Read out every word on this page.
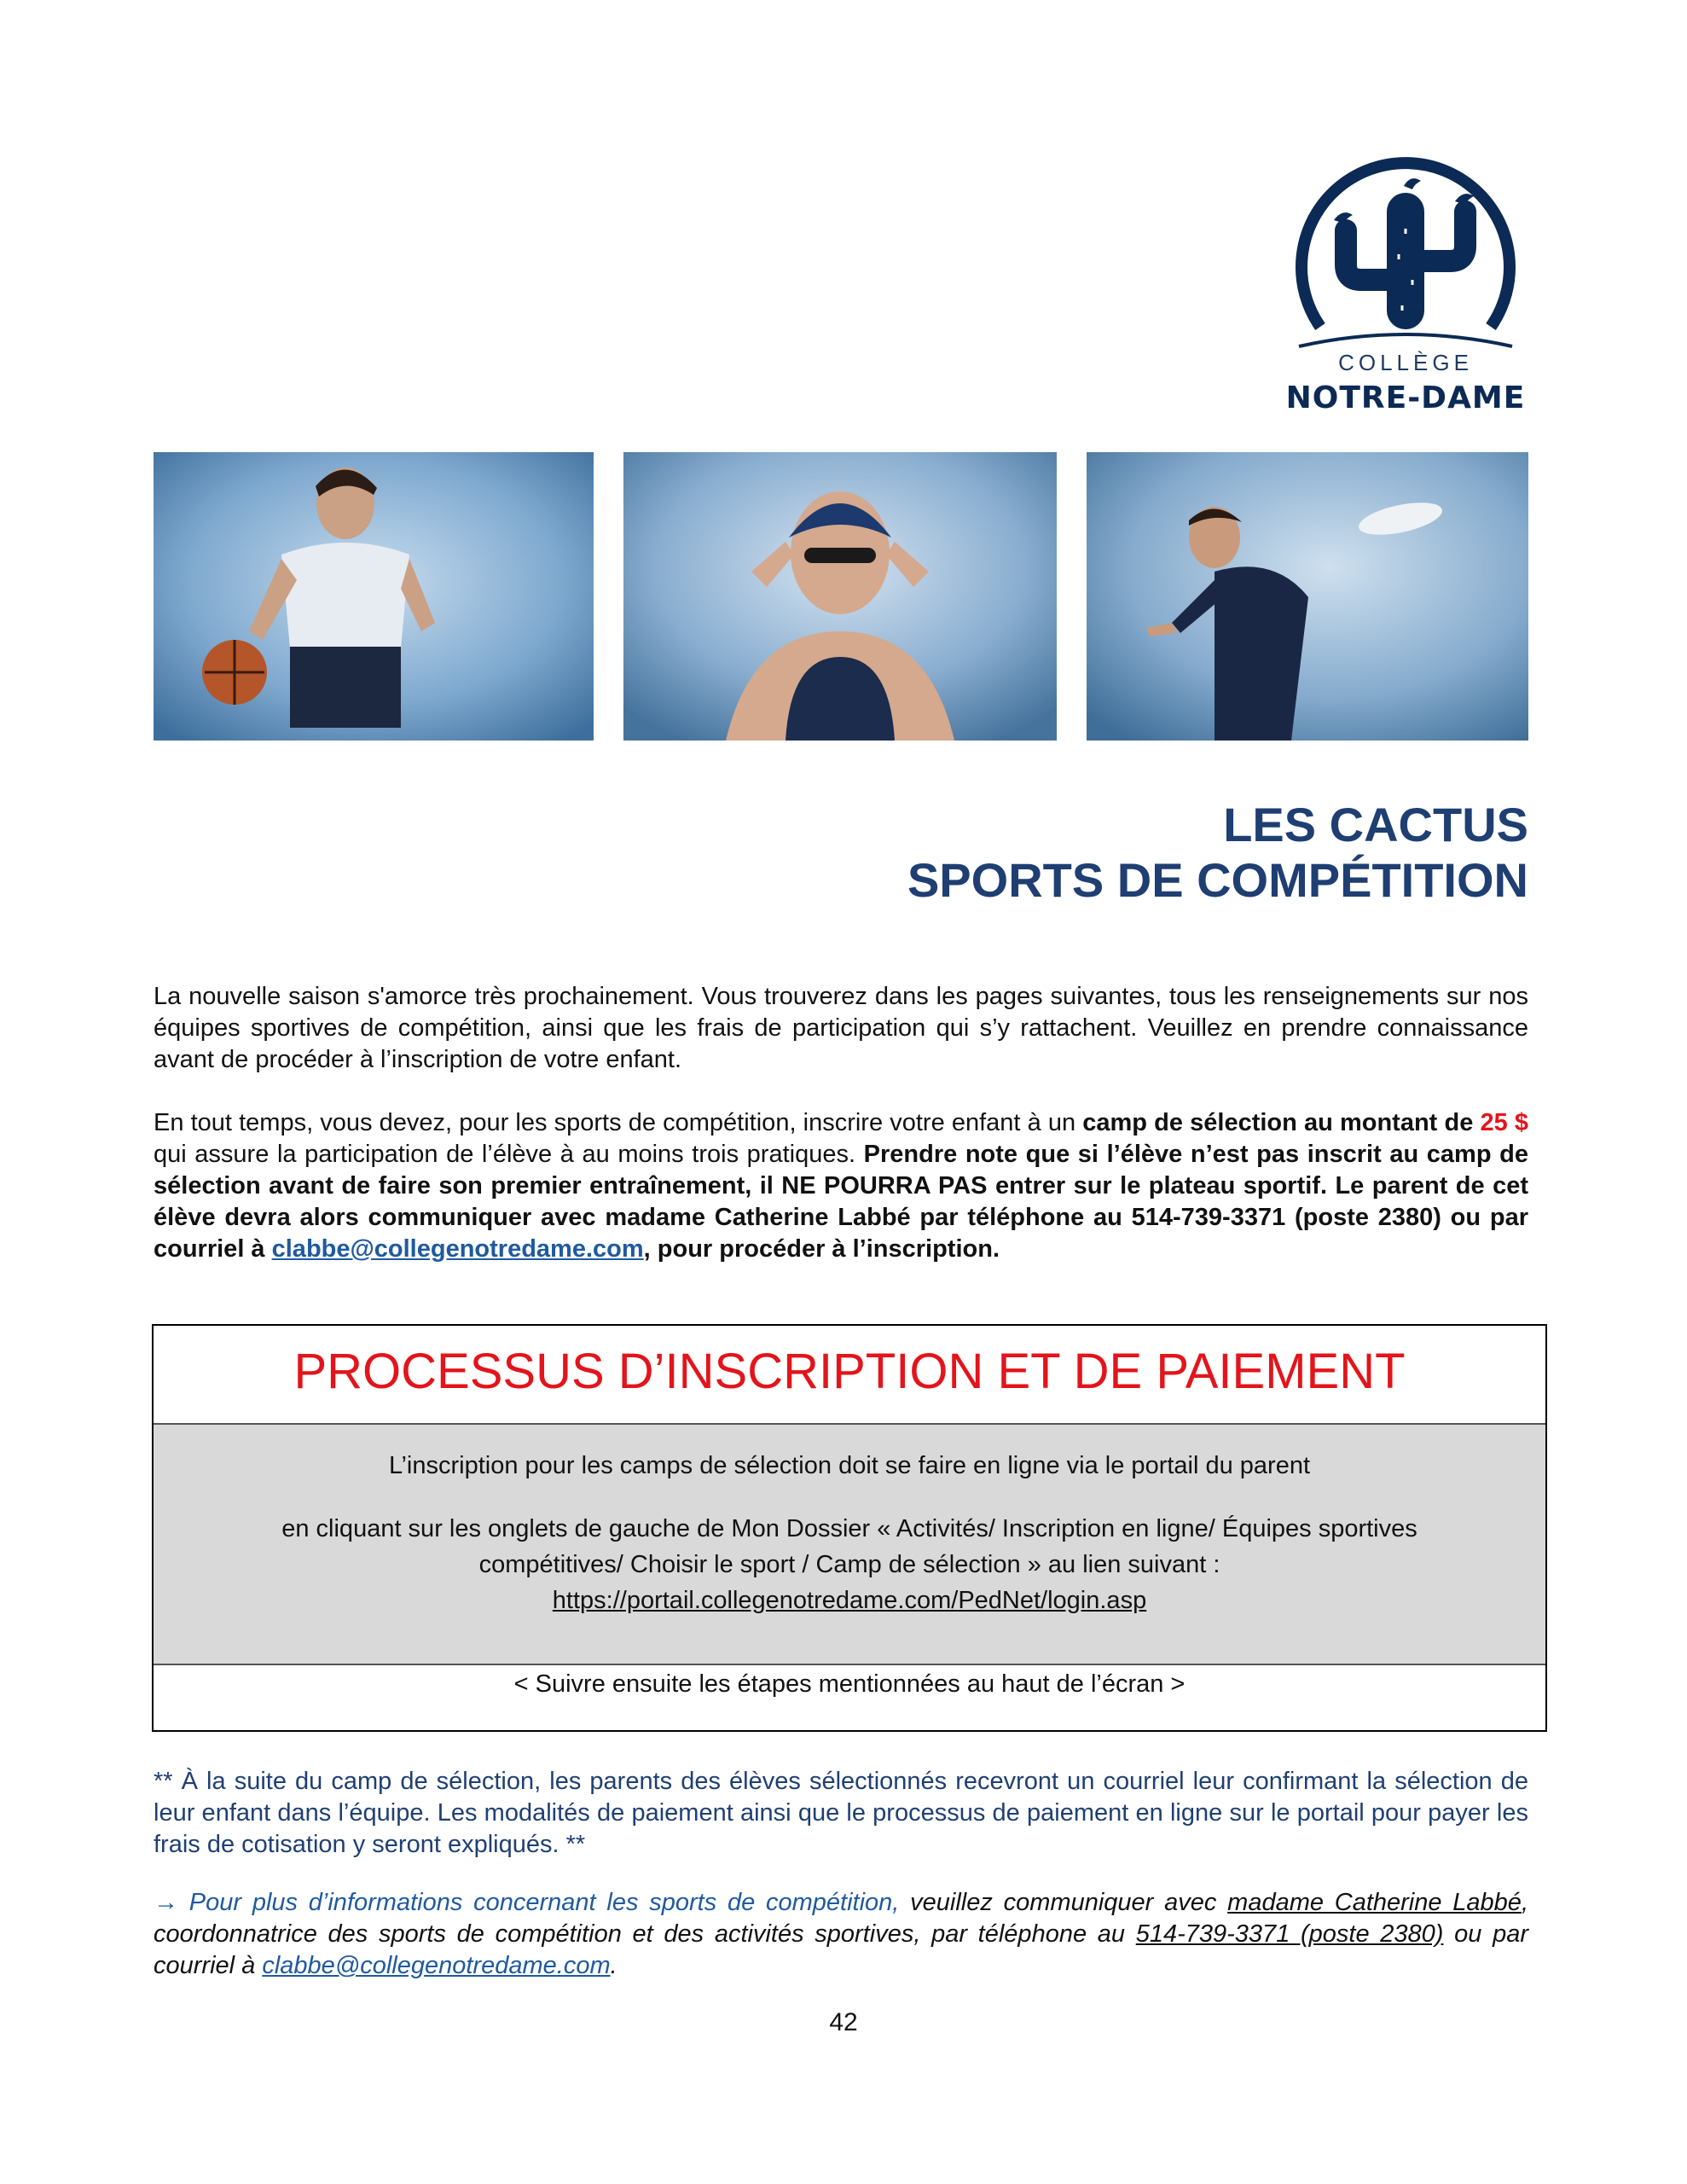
COLLÈGE
NOTRE-DAME
LES CACTUS
SPORTS DE COMPÉTITION
La nouvelle saison s'amorce très prochainement. Vous trouverez dans les pages suivantes, tous les renseignements sur nos équipes sportives de compétition, ainsi que les frais de participation qui s’y rattachent. Veuillez en prendre connaissance avant de procéder à l’inscription de votre enfant.
En tout temps, vous devez, pour les sports de compétition, inscrire votre enfant à un camp de sélection au montant de 25 $ qui assure la participation de l’élève à au moins trois pratiques. Prendre note que si l’élève n’est pas inscrit au camp de sélection avant de faire son premier entraînement, il NE POURRA PAS entrer sur le plateau sportif. Le parent de cet élève devra alors communiquer avec madame Catherine Labbé par téléphone au 514-739-3371 (poste 2380) ou par courriel à clabbe@collegenotredame.com, pour procéder à l’inscription.
PROCESSUS D’INSCRIPTION ET DE PAIEMENT
L’inscription pour les camps de sélection doit se faire en ligne via le portail du parent
en cliquant sur les onglets de gauche de Mon Dossier « Activités/ Inscription en ligne/ Équipes sportives
compétitives/ Choisir le sport / Camp de sélection » au lien suivant :
https://portail.collegenotredame.com/PedNet/login.asp
< Suivre ensuite les étapes mentionnées au haut de l’écran >
** À la suite du camp de sélection, les parents des élèves sélectionnés recevront un courriel leur confirmant la sélection de leur enfant dans l’équipe. Les modalités de paiement ainsi que le processus de paiement en ligne sur le portail pour payer les frais de cotisation y seront expliqués. **
→ Pour plus d’informations concernant les sports de compétition, veuillez communiquer avec madame Catherine Labbé, coordonnatrice des sports de compétition et des activités sportives, par téléphone au 514-739-3371 (poste 2380) ou par courriel à clabbe@collegenotredame.com.
42
